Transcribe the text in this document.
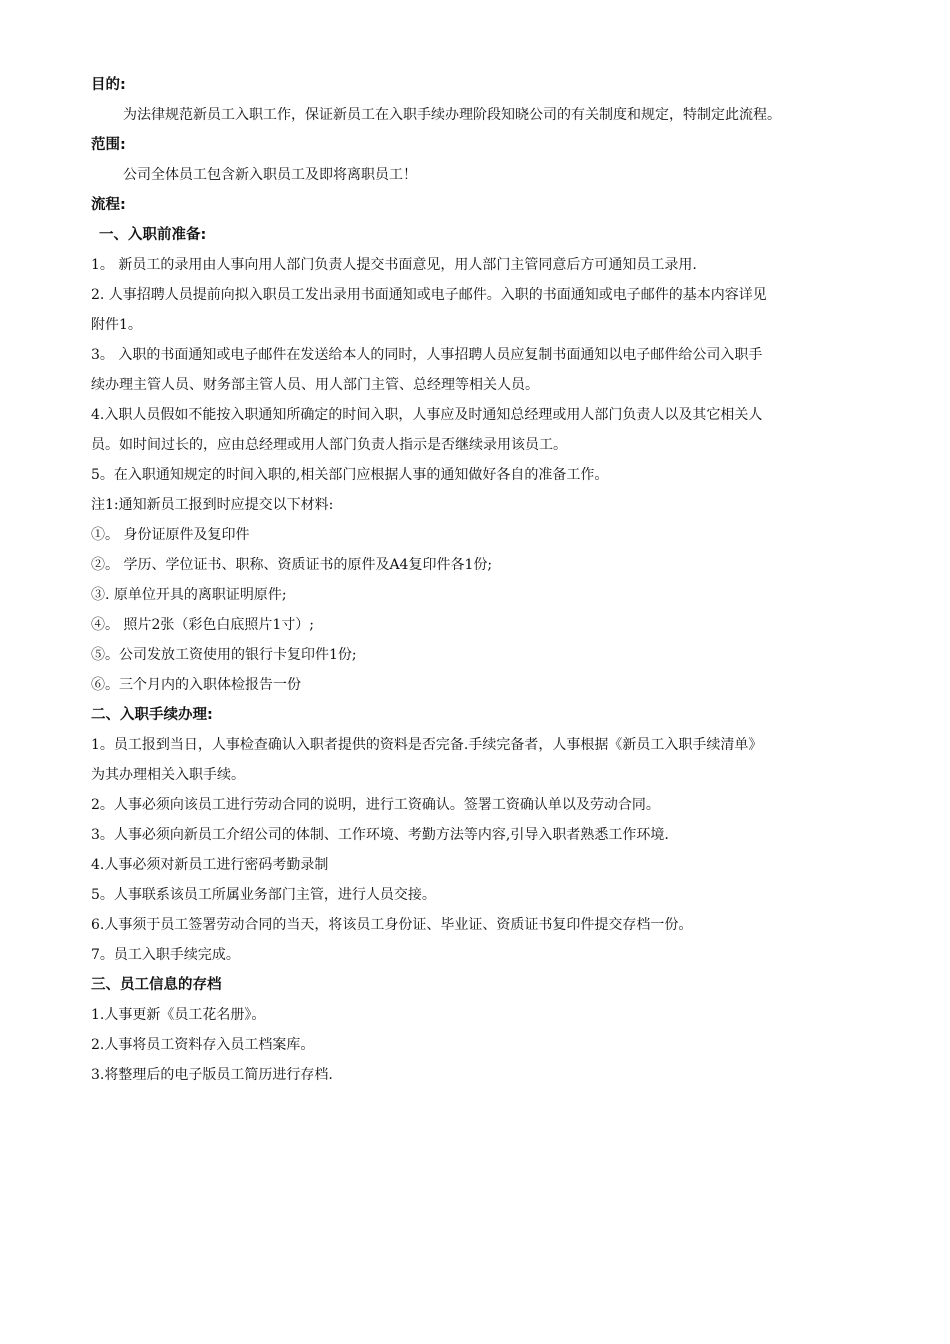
目的:
为法律规范新员工入职工作，保证新员工在入职手续办理阶段知晓公司的有关制度和规定，特制定此流程。
范围:
公司全体员工包含新入职员工及即将离职员工！
流程:
一、入职前准备:
1。 新员工的录用由人事向用人部门负责人提交书面意见，用人部门主管同意后方可通知员工录用.
2. 人事招聘人员提前向拟入职员工发出录用书面通知或电子邮件。入职的书面通知或电子邮件的基本内容详见
附件1。
3。 入职的书面通知或电子邮件在发送给本人的同时，人事招聘人员应复制书面通知以电子邮件给公司入职手
续办理主管人员、财务部主管人员、用人部门主管、总经理等相关人员。
4.入职人员假如不能按入职通知所确定的时间入职，人事应及时通知总经理或用人部门负责人以及其它相关人
员。如时间过长的，应由总经理或用人部门负责人指示是否继续录用该员工。
5。在入职通知规定的时间入职的,相关部门应根据人事的通知做好各自的准备工作。
注1:通知新员工报到时应提交以下材料:
①。 身份证原件及复印件
②。 学历、学位证书、职称、资质证书的原件及A4复印件各1份;
③. 原单位开具的离职证明原件;
④。 照片2张（彩色白底照片1寸）;
⑤。公司发放工资使用的银行卡复印件1份;
⑥。三个月内的入职体检报告一份
二、入职手续办理:
1。员工报到当日，人事检查确认入职者提供的资料是否完备.手续完备者，人事根据《新员工入职手续清单》
为其办理相关入职手续。
2。人事必须向该员工进行劳动合同的说明，进行工资确认。签署工资确认单以及劳动合同。
3。人事必须向新员工介绍公司的体制、工作环境、考勤方法等内容,引导入职者熟悉工作环境.
4.人事必须对新员工进行密码考勤录制
5。人事联系该员工所属业务部门主管，进行人员交接。
6.人事须于员工签署劳动合同的当天，将该员工身份证、毕业证、资质证书复印件提交存档一份。
7。员工入职手续完成。
三、员工信息的存档
1.人事更新《员工花名册》。
2.人事将员工资料存入员工档案库。
3.将整理后的电子版员工简历进行存档.
